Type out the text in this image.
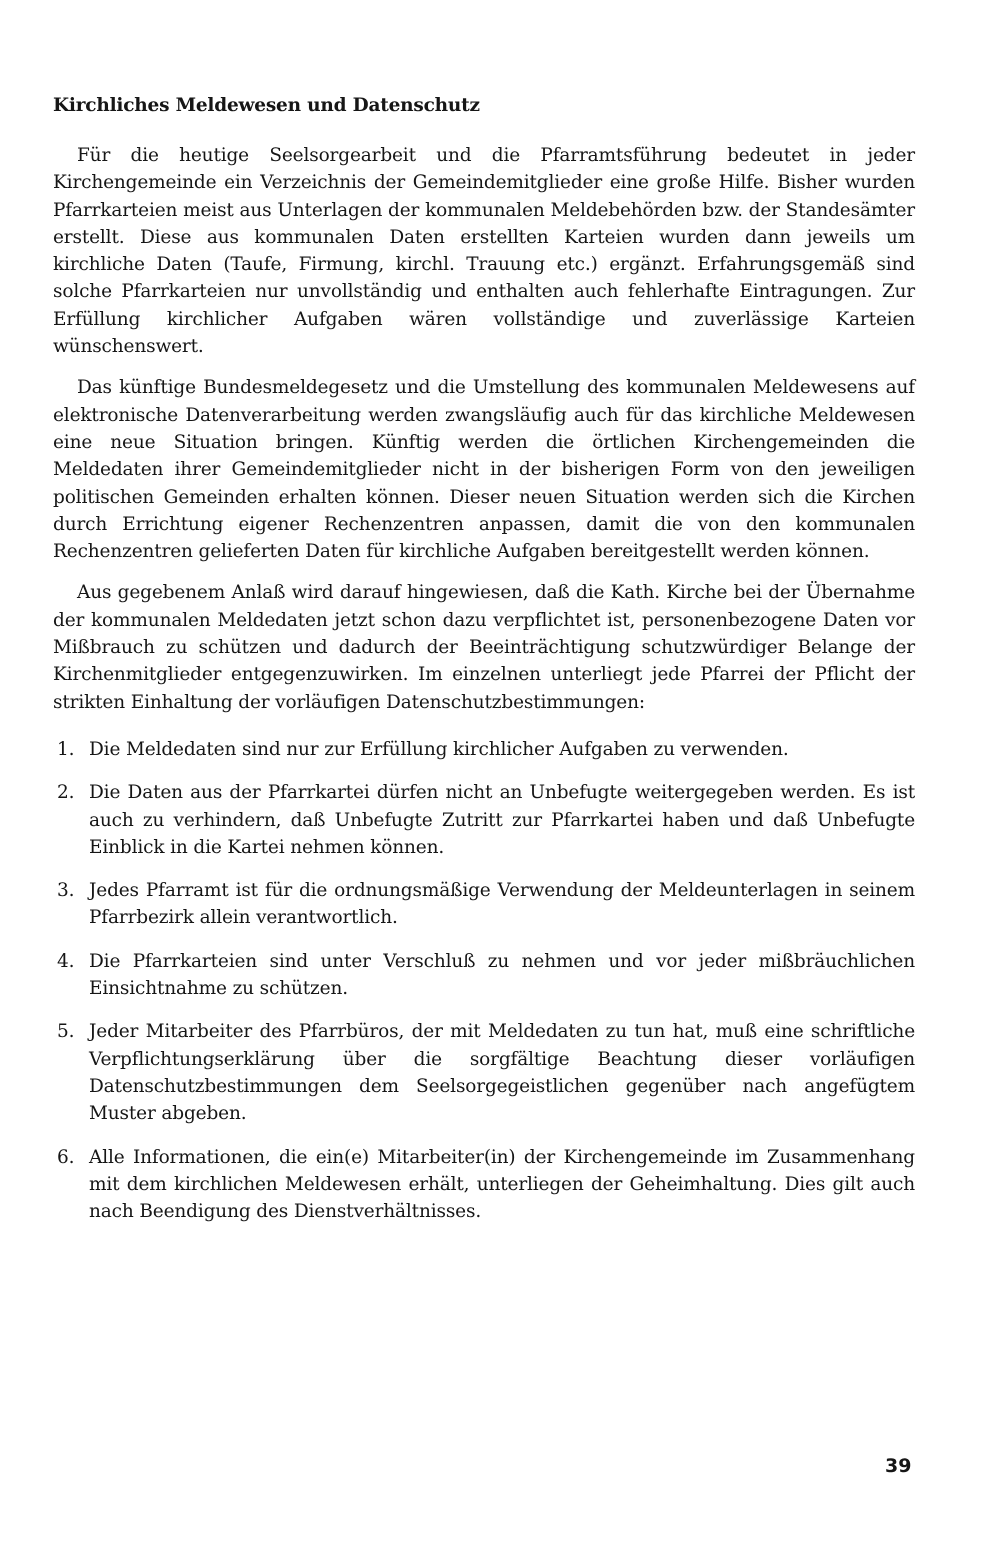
Kirchliches Meldewesen und Datenschutz

Für die heutige Seelsorgearbeit und die Pfarramtsführung bedeutet in jeder Kirchengemeinde ein Verzeichnis der Gemeindemitglieder eine große Hilfe. Bisher wurden Pfarrkarteien meist aus Unterlagen der kommunalen Meldebehörden bzw. der Standesämter erstellt. Diese aus kommunalen Daten erstellten Karteien wurden dann jeweils um kirchliche Daten (Taufe, Firmung, kirchl. Trauung etc.) ergänzt. Erfahrungsgemäß sind solche Pfarrkarteien nur unvollständig und enthalten auch fehlerhafte Eintragungen. Zur Erfüllung kirchlicher Aufgaben wären vollständige und zuverlässige Karteien wünschenswert.

Das künftige Bundesmeldegesetz und die Umstellung des kommunalen Meldewesens auf elektronische Datenverarbeitung werden zwangsläufig auch für das kirchliche Meldewesen eine neue Situation bringen. Künftig werden die örtlichen Kirchengemeinden die Meldedaten ihrer Gemeindemitglieder nicht in der bisherigen Form von den jeweiligen politischen Gemeinden erhalten können. Dieser neuen Situation werden sich die Kirchen durch Errichtung eigener Rechenzentren anpassen, damit die von den kommunalen Rechenzentren gelieferten Daten für kirchliche Aufgaben bereitgestellt werden können.

Aus gegebenem Anlaß wird darauf hingewiesen, daß die Kath. Kirche bei der Übernahme der kommunalen Meldedaten jetzt schon dazu verpflichtet ist, personenbezogene Daten vor Mißbrauch zu schützen und dadurch der Beeinträchtigung schutzwürdiger Belange der Kirchenmitglieder entgegenzuwirken. Im einzelnen unterliegt jede Pfarrei der Pflicht der strikten Einhaltung der vorläufigen Datenschutzbestimmungen:

1. Die Meldedaten sind nur zur Erfüllung kirchlicher Aufgaben zu verwenden.
2. Die Daten aus der Pfarrkartei dürfen nicht an Unbefugte weitergegeben werden. Es ist auch zu verhindern, daß Unbefugte Zutritt zur Pfarrkartei haben und daß Unbefugte Einblick in die Kartei nehmen können.
3. Jedes Pfarramt ist für die ordnungsmäßige Verwendung der Meldeunterlagen in seinem Pfarrbezirk allein verantwortlich.
4. Die Pfarrkarteien sind unter Verschluß zu nehmen und vor jeder mißbräuchlichen Einsichtnahme zu schützen.
5. Jeder Mitarbeiter des Pfarrbüros, der mit Meldedaten zu tun hat, muß eine schriftliche Verpflichtungserklärung über die sorgfältige Beachtung dieser vorläufigen Datenschutzbestimmungen dem Seelsorgegeistlichen gegenüber nach angefügtem Muster abgeben.
6. Alle Informationen, die ein(e) Mitarbeiter(in) der Kirchengemeinde im Zusammenhang mit dem kirchlichen Meldewesen erhält, unterliegen der Geheimhaltung. Dies gilt auch nach Beendigung des Dienstverhältnisses.
39
